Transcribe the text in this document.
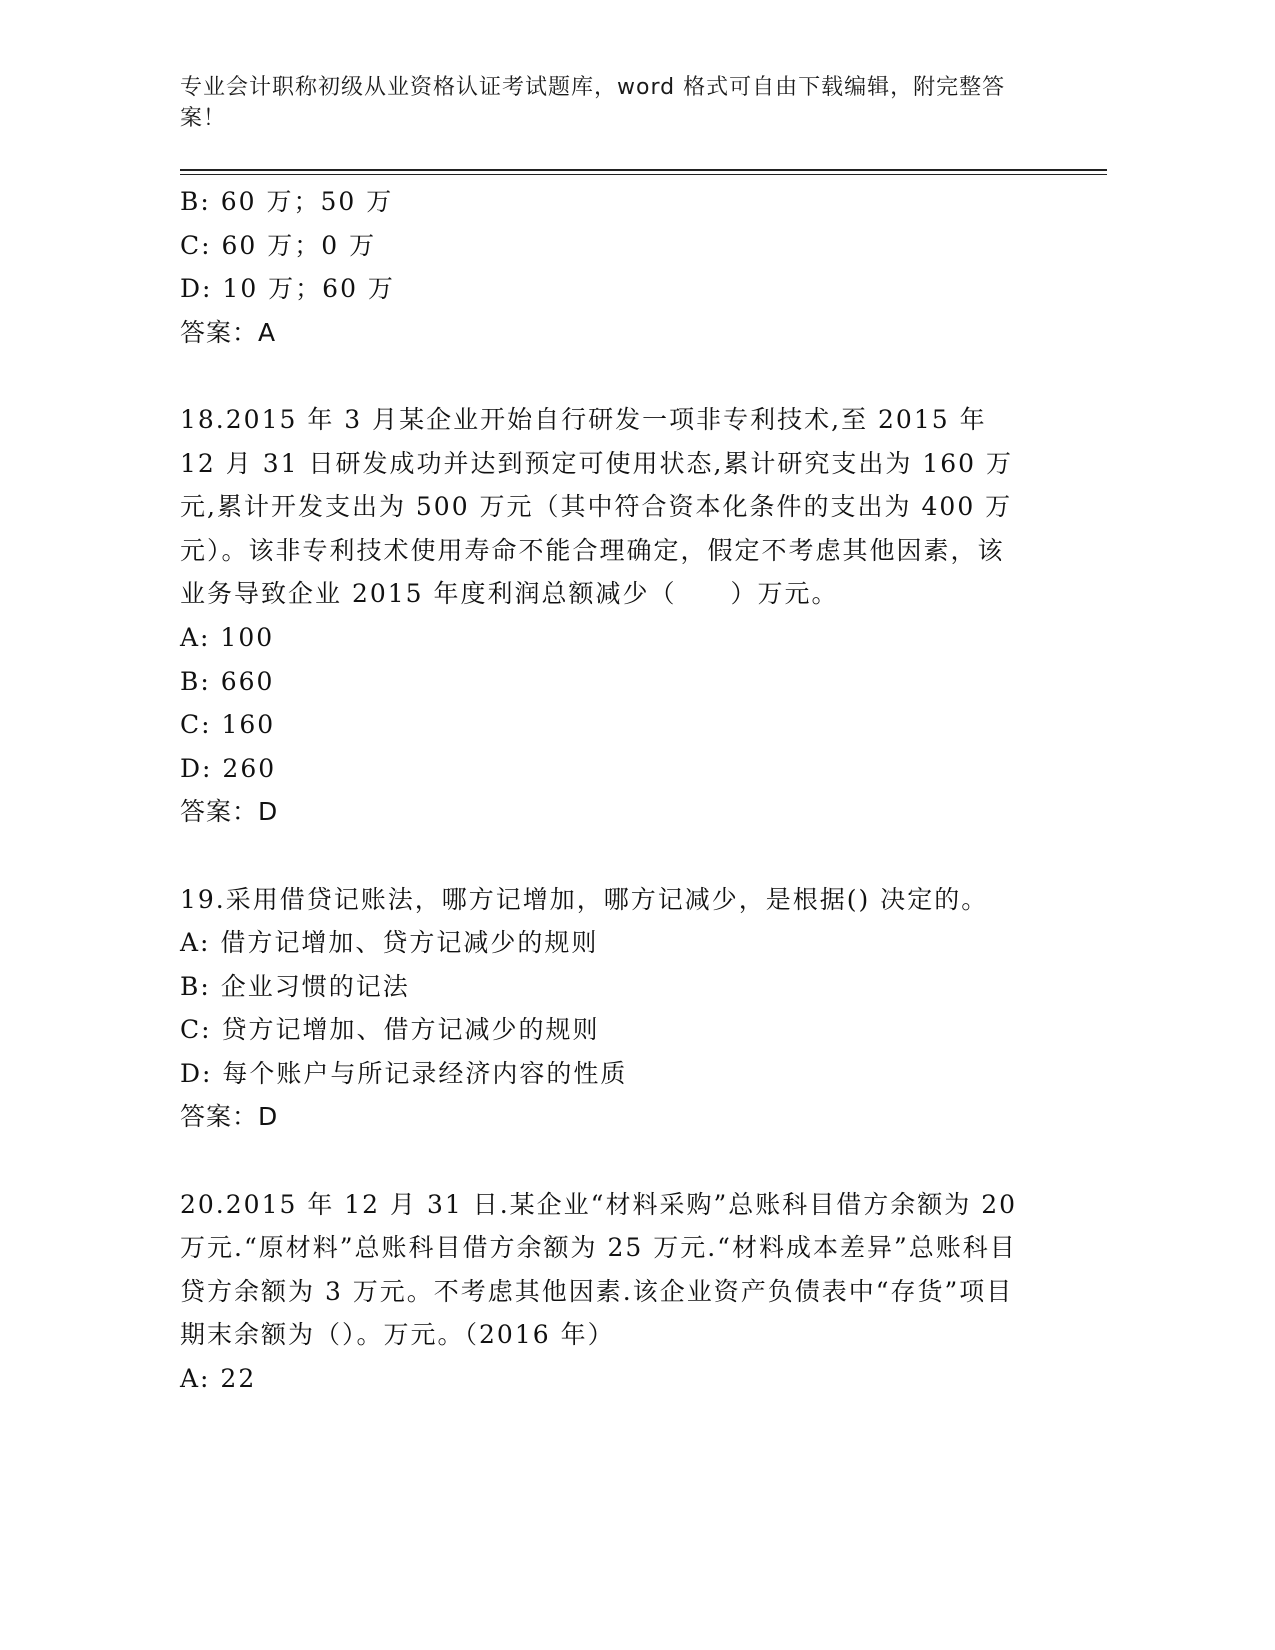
专业会计职称初级从业资格认证考试题库，word 格式可自由下载编辑，附完整答案！
B: 60 万；50 万
C: 60 万；0 万
D: 10 万；60 万
答案：A
18.2015 年 3 月某企业开始自行研发一项非专利技术,至 2015 年 12 月 31 日研发成功并达到预定可使用状态,累计研究支出为 160 万元,累计开发支出为 500 万元（其中符合资本化条件的支出为 400 万元）。该非专利技术使用寿命不能合理确定，假定不考虑其他因素，该业务导致企业 2015 年度利润总额减少（　　）万元。
A: 100
B: 660
C: 160
D: 260
答案：D
19.采用借贷记账法，哪方记增加，哪方记减少，是根据() 决定的。
A: 借方记增加、贷方记减少的规则
B: 企业习惯的记法
C: 贷方记增加、借方记减少的规则
D: 每个账户与所记录经济内容的性质
答案：D
20.2015 年 12 月 31 日.某企业“材料采购”总账科目借方余额为 20 万元.“原材料”总账科目借方余额为 25 万元.“材料成本差异”总账科目贷方余额为 3 万元。不考虑其他因素.该企业资产负债表中“存货”项目期末余额为（）。万元。（2016 年）
A: 22
